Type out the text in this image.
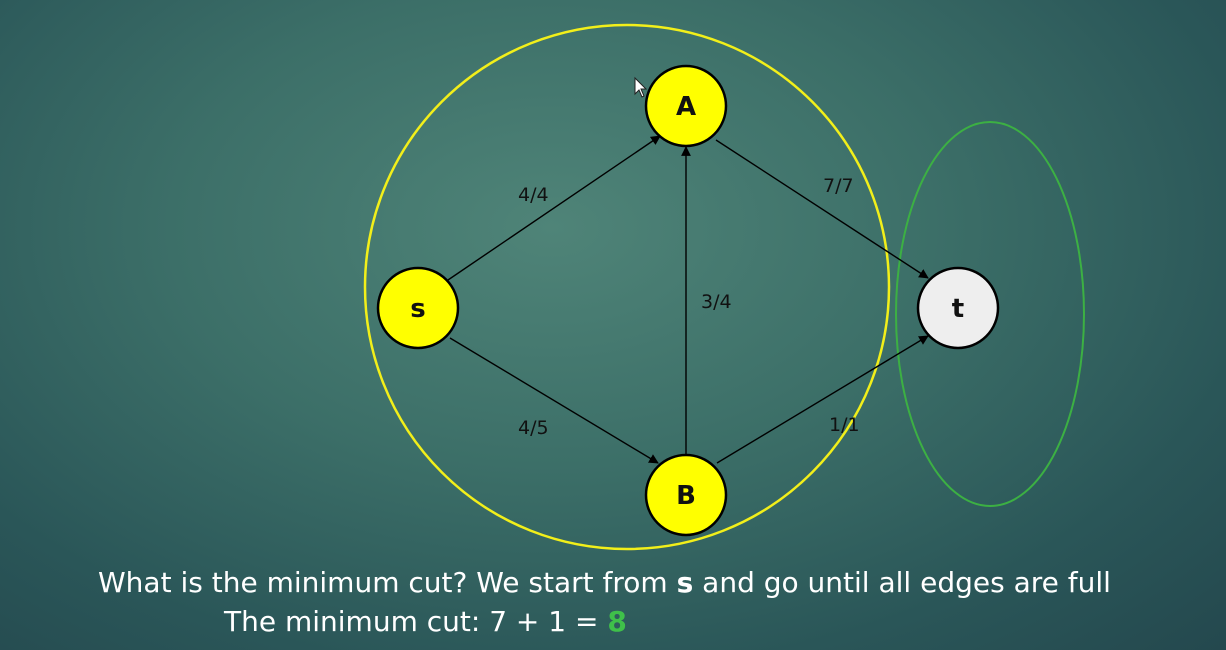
4/4
4/5
3/4
7/7
1/1
s
A
B
t
What is the minimum cut? We start from s and go until all edges are full
The minimum cut: 7 + 1 = 8
